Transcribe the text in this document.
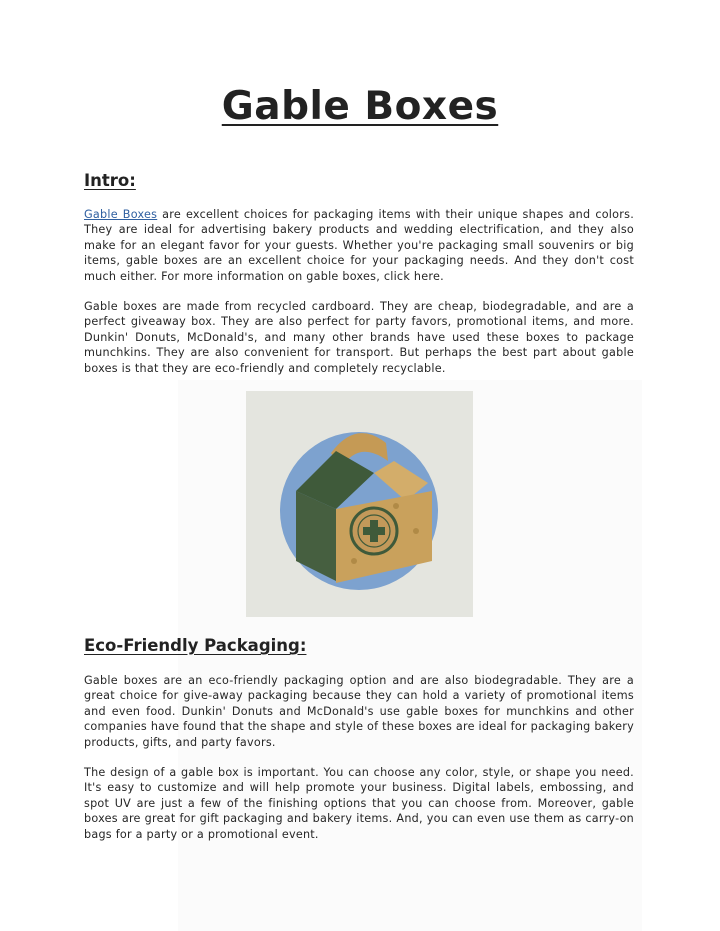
Gable Boxes
Intro:

Gable Boxes are excellent choices for packaging items with their unique shapes and colors. They are ideal for advertising bakery products and wedding electrification, and they also make for an elegant favor for your guests. Whether you're packaging small souvenirs or big items, gable boxes are an excellent choice for your packaging needs. And they don't cost much either. For more information on gable boxes, click here.

Gable boxes are made from recycled cardboard. They are cheap, biodegradable, and are a perfect giveaway box. They are also perfect for party favors, promotional items, and more. Dunkin' Donuts, McDonald's, and many other brands have used these boxes to package munchkins. They are also convenient for transport. But perhaps the best part about gable boxes is that they are eco-friendly and completely recyclable.

Eco-Friendly Packaging:

Gable boxes are an eco-friendly packaging option and are also biodegradable. They are a great choice for give-away packaging because they can hold a variety of promotional items and even food. Dunkin' Donuts and McDonald's use gable boxes for munchkins and other companies have found that the shape and style of these boxes are ideal for packaging bakery products, gifts, and party favors.

The design of a gable box is important. You can choose any color, style, or shape you need. It's easy to customize and will help promote your business. Digital labels, embossing, and spot UV are just a few of the finishing options that you can choose from. Moreover, gable boxes are great for gift packaging and bakery items. And, you can even use them as carry-on bags for a party or a promotional event.
